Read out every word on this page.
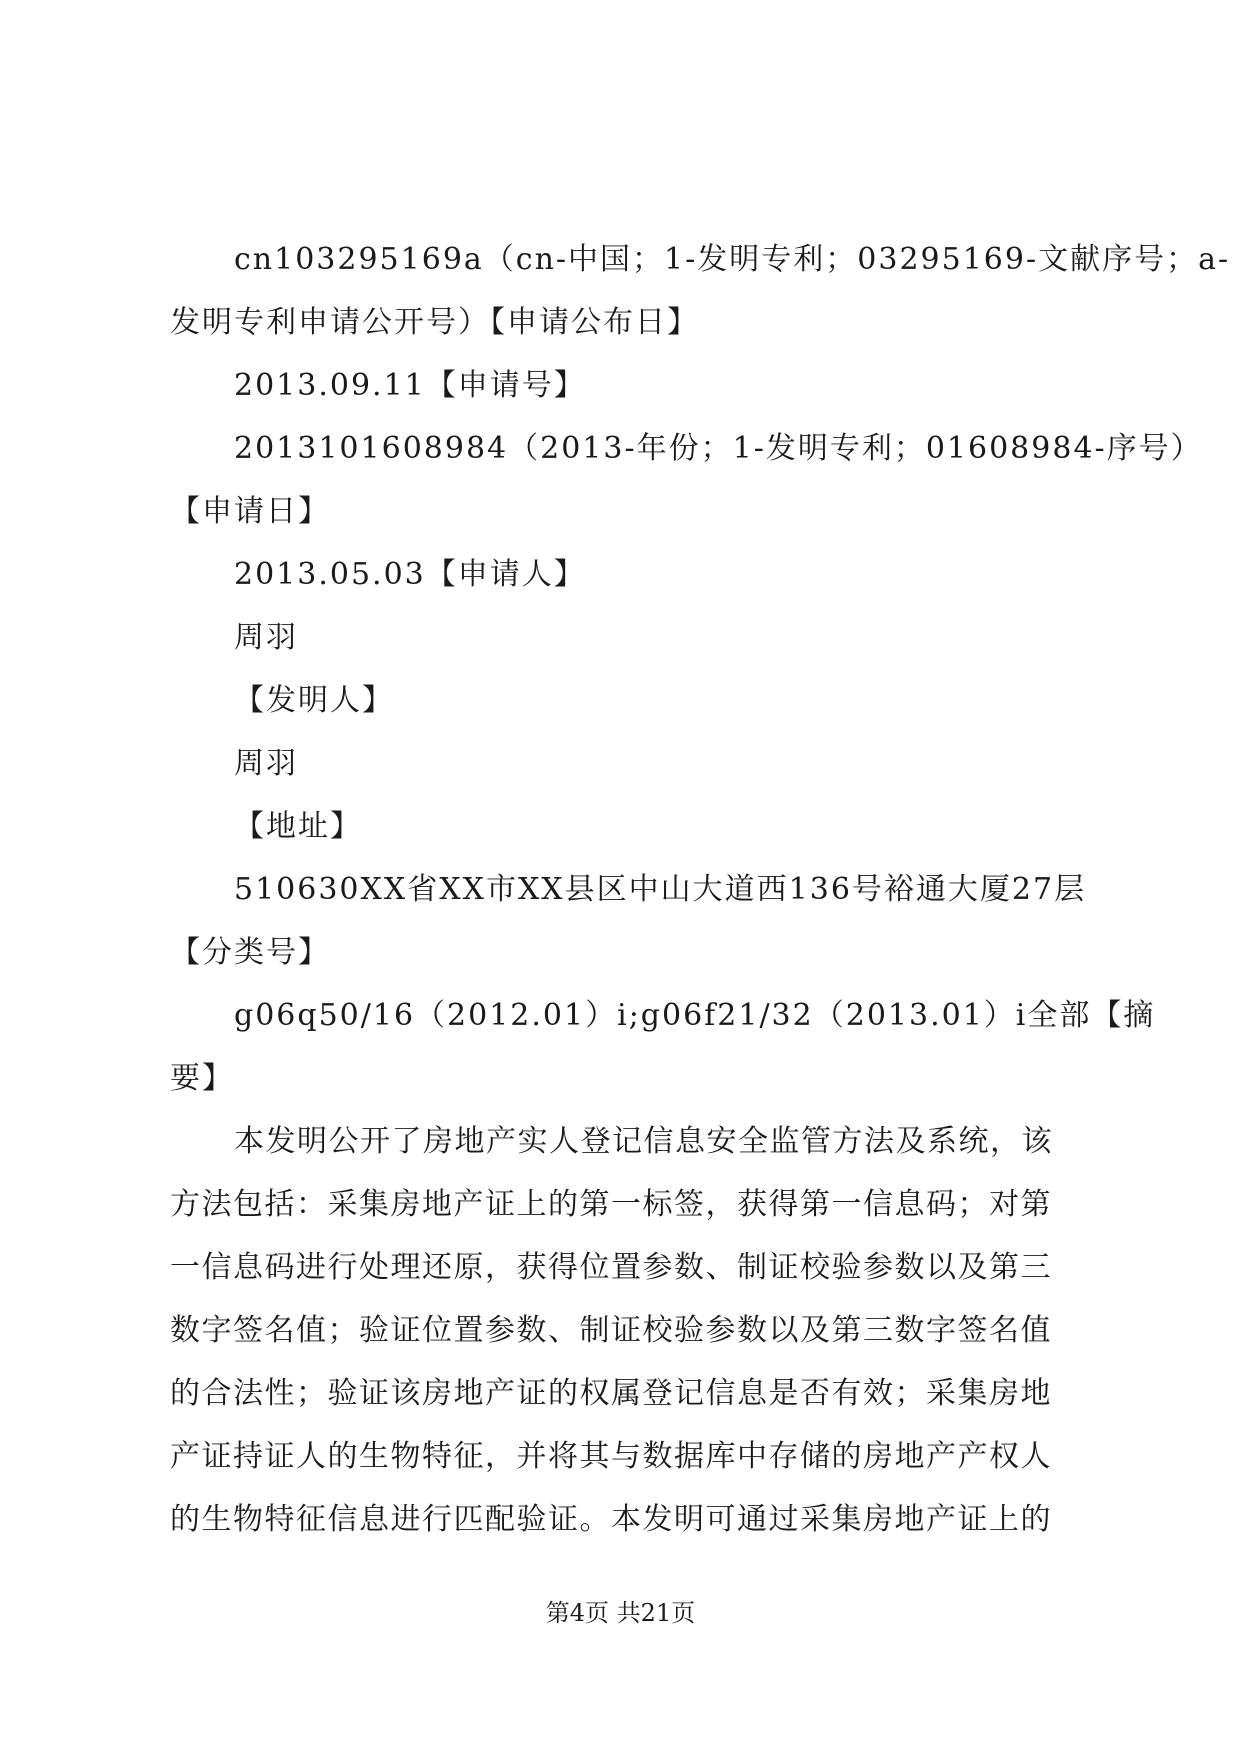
cn103295169a（cn-中国；1-发明专利；03295169-文献序号；a-
发明专利申请公开号）【申请公布日】
2013.09.11【申请号】
2013101608984（2013-年份；1-发明专利；01608984-序号）
【申请日】
2013.05.03【申请人】
周羽
【发明人】
周羽
【地址】
510630XX省XX市XX县区中山大道西136号裕通大厦27层
【分类号】
g06q50/16（2012.01）i;g06f21/32（2013.01）i全部【摘
要】
本发明公开了房地产实人登记信息安全监管方法及系统，该
方法包括：采集房地产证上的第一标签，获得第一信息码；对第
一信息码进行处理还原，获得位置参数、制证校验参数以及第三
数字签名值；验证位置参数、制证校验参数以及第三数字签名值
的合法性；验证该房地产证的权属登记信息是否有效；采集房地
产证持证人的生物特征，并将其与数据库中存储的房地产产权人
的生物特征信息进行匹配验证。本发明可通过采集房地产证上的
第4页 共21页
